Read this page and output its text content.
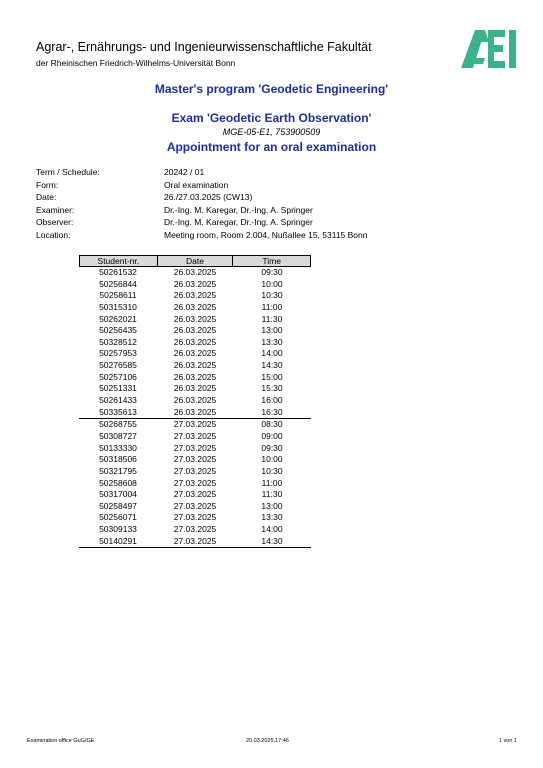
Agrar-, Ernährungs- und Ingenieurwissenschaftliche Fakultät
der Rheinischen Friedrich-Wilhelms-Universität Bonn
Master's program 'Geodetic Engineering'
Exam 'Geodetic Earth Observation'
MGE-05-E1, 753900509
Appointment for an oral examination
Term / Schedule:	20242 / 01
Form:	Oral examination
Date:	26./27.03.2025 (CW13)
Examiner:	Dr.-Ing. M. Karegar, Dr.-Ing. A. Springer
Observer:	Dr.-Ing. M. Karegar, Dr.-Ing. A. Springer
Location:	Meeting room, Room 2.004, Nußallee 15, 53115 Bonn
Student-nr.	Date	Time
50261532	26.03.2025	09:30
50256844	26.03.2025	10:00
50258611	26.03.2025	10:30
50315310	26.03.2025	11:00
50262021	26.03.2025	11:30
50256435	26.03.2025	13:00
50328512	26.03.2025	13:30
50257953	26.03.2025	14:00
50276585	26.03.2025	14:30
50257106	26.03.2025	15:00
50251331	26.03.2025	15:30
50261433	26.03.2025	16:00
50335613	26.03.2025	16:30
50268755	27.03.2025	08:30
50308727	27.03.2025	09:00
50133330	27.03.2025	09:30
50318506	27.03.2025	10:00
50321795	27.03.2025	10:30
50258608	27.03.2025	11:00
50317004	27.03.2025	11:30
50258497	27.03.2025	13:00
50256071	27.03.2025	13:30
50309133	27.03.2025	14:00
50140291	27.03.2025	14:30
Examination office GuG/GE	20.03.2025,17:46	1 von 1
